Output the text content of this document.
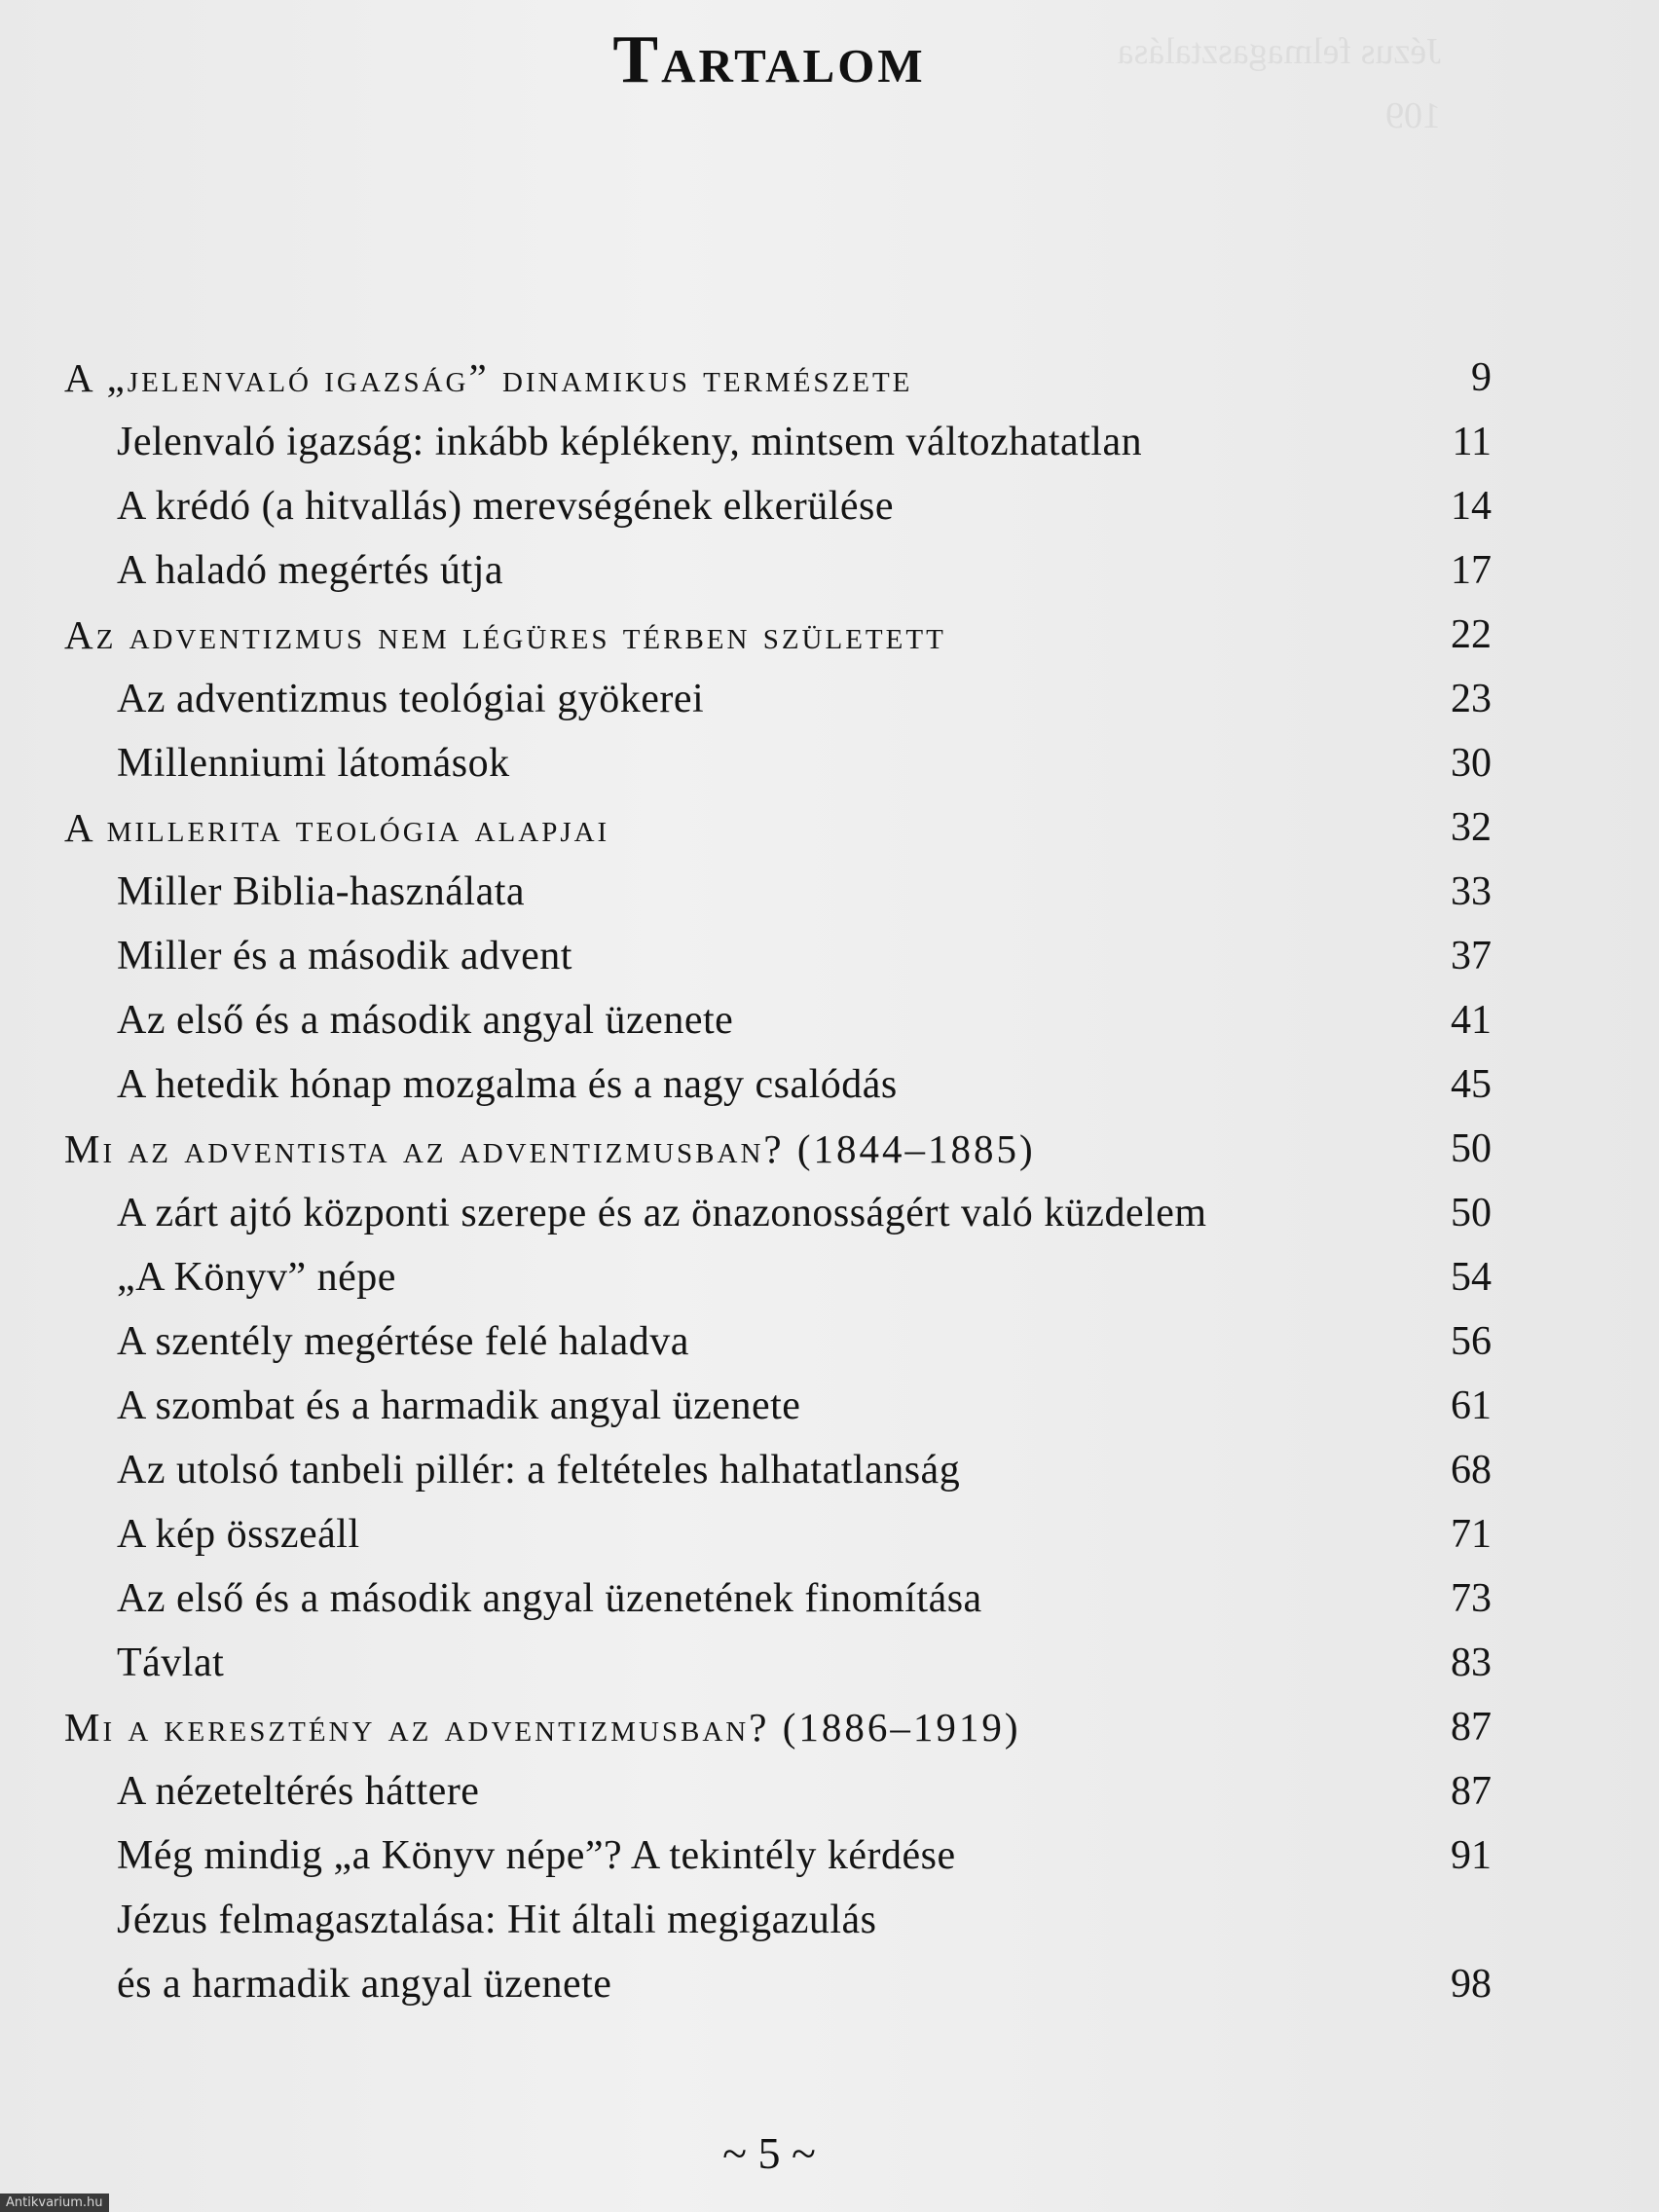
Jézus felmagasztalása
109
Tartalom
A „jelenvaló igazság” dinamikus természete	9
Jelenvaló igazság: inkább képlékeny, mintsem változhatatlan	11
A krédó (a hitvallás) merevségének elkerülése	14
A haladó megértés útja	17
Az adventizmus nem légüres térben született	22
Az adventizmus teológiai gyökerei	23
Millenniumi látomások	30
A millerita teológia alapjai	32
Miller Biblia-használata	33
Miller és a második advent	37
Az első és a második angyal üzenete	41
A hetedik hónap mozgalma és a nagy csalódás	45
Mi az adventista az adventizmusban? (1844–1885)	50
A zárt ajtó központi szerepe és az önazonosságért való küzdelem	50
„A Könyv” népe	54
A szentély megértése felé haladva	56
A szombat és a harmadik angyal üzenete	61
Az utolsó tanbeli pillér: a feltételes halhatatlanság	68
A kép összeáll	71
Az első és a második angyal üzenetének finomítása	73
Távlat	83
Mi a keresztény az adventizmusban? (1886–1919)	87
A nézeteltérés háttere	87
Még mindig „a Könyv népe”? A tekintély kérdése	91
Jézus felmagasztalása: Hit általi megigazulás
és a harmadik angyal üzenete	98
~ 5 ~
Antikvarium.hu
